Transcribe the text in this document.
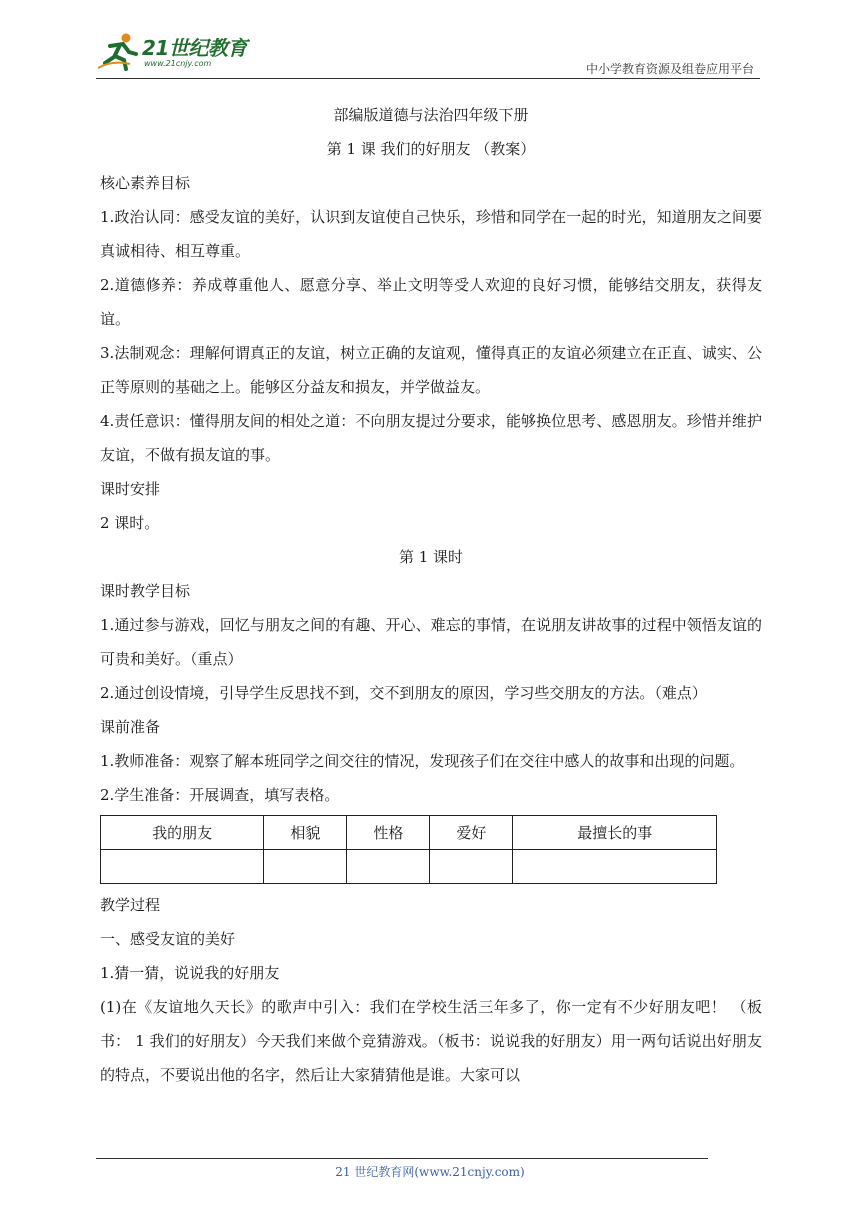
21世纪教育
www.21cnjy.com	中小学教育资源及组卷应用平台

部编版道德与法治四年级下册

第 1 课 我们的好朋友 （教案）

核心素养目标

1.政治认同：感受友谊的美好，认识到友谊使自己快乐，珍惜和同学在一起的时光，知道朋友之间要真诚相待、相互尊重。

2.道德修养：养成尊重他人、愿意分享、举止文明等受人欢迎的良好习惯，能够结交朋友，获得友谊。

3.法制观念：理解何谓真正的友谊，树立正确的友谊观，懂得真正的友谊必须建立在正直、诚实、公正等原则的基础之上。能够区分益友和损友，并学做益友。

4.责任意识：懂得朋友间的相处之道：不向朋友提过分要求，能够换位思考、感恩朋友。珍惜并维护友谊，不做有损友谊的事。

课时安排

2 课时。

第 1 课时

课时教学目标

1.通过参与游戏，回忆与朋友之间的有趣、开心、难忘的事情，在说朋友讲故事的过程中领悟友谊的可贵和美好。（重点）

2.通过创设情境，引导学生反思找不到，交不到朋友的原因，学习些交朋友的方法。（难点）

课前准备

1.教师准备：观察了解本班同学之间交往的情况，发现孩子们在交往中感人的故事和出现的问题。

2.学生准备：开展调查，填写表格。

我的朋友	相貌	性格	爱好	最擅长的事

教学过程

一、感受友谊的美好

1.猜一猜，说说我的好朋友

(1)在《友谊地久天长》的歌声中引入：我们在学校生活三年多了，你一定有不少好朋友吧！ （板书： 1 我们的好朋友）今天我们来做个竞猜游戏。（板书：说说我的好朋友）用一两句话说出好朋友的特点，不要说出他的名字，然后让大家猜猜他是谁。大家可以

21 世纪教育网(www.21cnjy.com)
